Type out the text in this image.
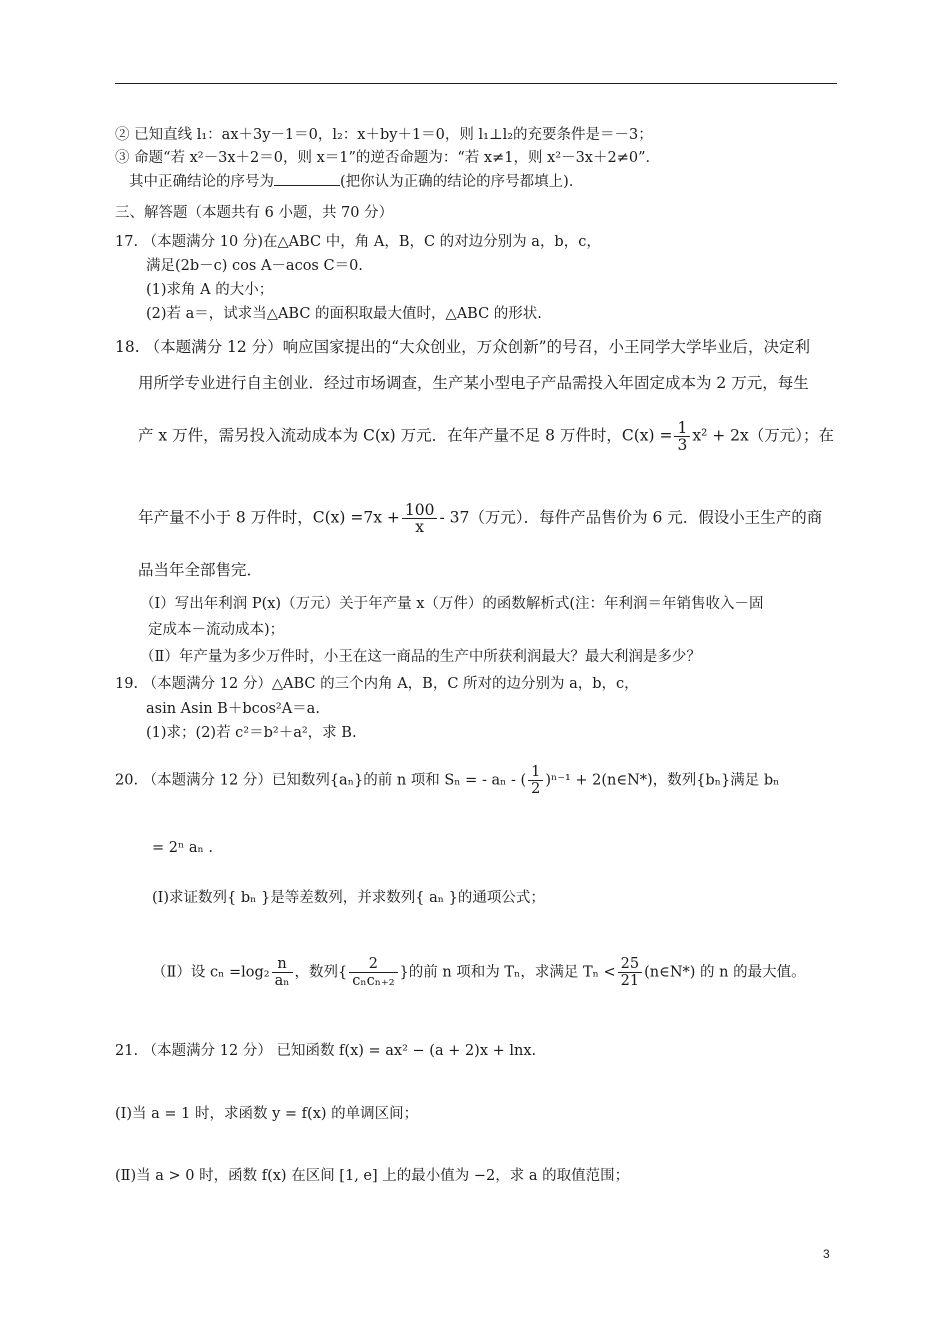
② 已知直线 l₁：ax＋3y－1＝0，l₂：x＋by＋1＝0，则 l₁⊥l₂的充要条件是＝－3；
③ 命题“若 x²－3x＋2＝0，则 x＝1”的逆否命题为：“若 x≠1，则 x²－3x＋2≠0”．
其中正确结论的序号为	(把你认为正确的结论的序号都填上)．
三、解答题（本题共有 6 小题，共 70 分）
17. （本题满分 10 分)在△ABC 中，角 A，B，C 的对边分别为 a，b，c，
满足(2b－c) cos A－acos C＝0.
(1)求角 A 的大小；
(2)若 a＝，试求当△ABC 的面积取最大值时，△ABC 的形状.
18. （本题满分 12 分）响应国家提出的“大众创业，万众创新”的号召，小王同学大学毕业后，决定利
用所学专业进行自主创业．经过市场调查，生产某小型电子产品需投入年固定成本为 2 万元，每生
产 x 万件，需另投入流动成本为 C(x) 万元．在年产量不足 8 万件时，$C(x) = \frac{1}{3} x^2 + 2x$（万元）；在
年产量不小于 8 万件时，$C(x) =7x + \frac{100}{x} - 37$（万元）．每件产品售价为 6 元．假设小王生产的商
品当年全部售完．
（Ⅰ）写出年利润 P(x)（万元）关于年产量 x（万件）的函数解析式(注：年利润＝年销售收入－固
定成本－流动成本)；
（Ⅱ）年产量为多少万件时，小王在这一商品的生产中所获利润最大？最大利润是多少？
19. （本题满分 12 分）△ABC 的三个内角 A，B，C 所对的边分别为 a，b，c，
asin Asin B＋bcos²A＝a.
(1)求；(2)若 c²＝b²＋a²，求 B.
20. （本题满分 12 分）已知数列{aₙ}的前 n 项和 Sₙ = - aₙ - ( $\frac{1}{2} )^{n-1}$ + 2(n∈N*)，数列{bₙ}满足 bₙ
= 2ⁿ aₙ .
(Ⅰ)求证数列{ bₙ }是等差数列，并求数列{ aₙ }的通项公式；
（Ⅱ）设 $c_n =\log_2 \frac{n}{\text{aₙ}}$ ，数列{ $\frac{2}{\text{cₙcₙ₊₂}}$ }的前 n 项和为 Tₙ，求满足 $T_n < \frac{25}{21}$ (n∈N*) 的 n 的最大值。
21. （本题满分 12 分） 已知函数 f(x) = ax² − (a + 2)x + lnx.
(Ⅰ)当 a = 1 时，求函数 y = f(x) 的单调区间；
(Ⅱ)当 a > 0 时，函数 f(x) 在区间 [1, e] 上的最小值为 −2，求 a 的取值范围；
3
